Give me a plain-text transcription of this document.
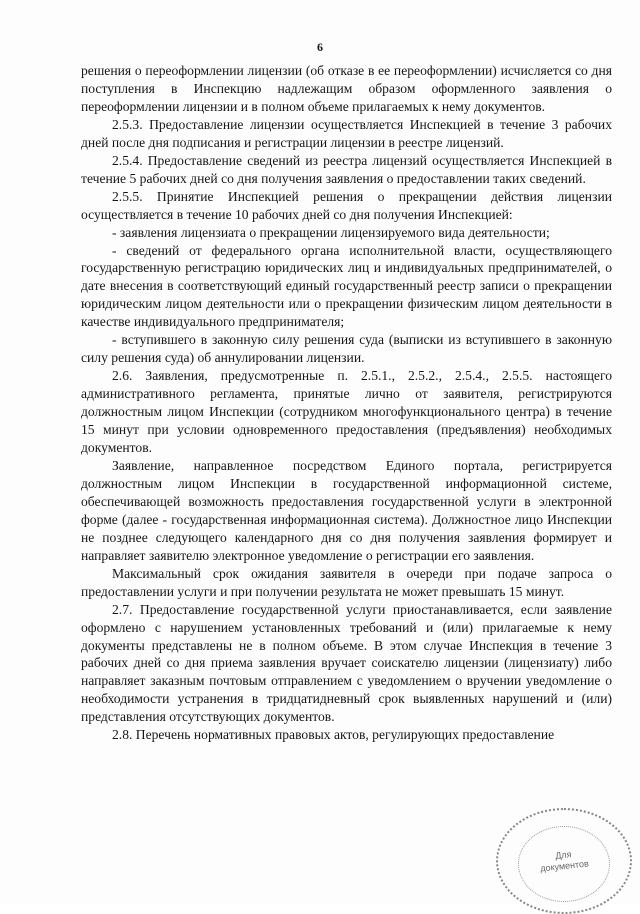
6

решения о переоформлении лицензии (об отказе в ее переоформлении) исчисляется со дня поступления в Инспекцию надлежащим образом оформленного заявления о переоформлении лицензии и в полном объеме прилагаемых к нему документов.

2.5.3. Предоставление лицензии осуществляется Инспекцией в течение 3 рабочих дней после дня подписания и регистрации лицензии в реестре лицензий.

2.5.4. Предоставление сведений из реестра лицензий осуществляется Инспекцией в течение 5 рабочих дней со дня получения заявления о предоставлении таких сведений.

2.5.5. Принятие Инспекцией решения о прекращении действия лицензии осуществляется в течение 10 рабочих дней со дня получения Инспекцией:

- заявления лицензиата о прекращении лицензируемого вида деятельности;

- сведений от федерального органа исполнительной власти, осуществляющего государственную регистрацию юридических лиц и индивидуальных предпринимателей, о дате внесения в соответствующий единый государственный реестр записи о прекращении юридическим лицом деятельности или о прекращении физическим лицом деятельности в качестве индивидуального предпринимателя;

- вступившего в законную силу решения суда (выписки из вступившего в законную силу решения суда) об аннулировании лицензии.

2.6. Заявления, предусмотренные п. 2.5.1., 2.5.2., 2.5.4., 2.5.5. настоящего административного регламента, принятые лично от заявителя, регистрируются должностным лицом Инспекции (сотрудником многофункционального центра) в течение 15 минут при условии одновременного предоставления (предъявления) необходимых документов.

Заявление, направленное посредством Единого портала, регистрируется должностным лицом Инспекции в государственной информационной системе, обеспечивающей возможность предоставления государственной услуги в электронной форме (далее - государственная информационная система). Должностное лицо Инспекции не позднее следующего календарного дня со дня получения заявления формирует и направляет заявителю электронное уведомление о регистрации его заявления.

Максимальный срок ожидания заявителя в очереди при подаче запроса о предоставлении услуги и при получении результата не может превышать 15 минут.

2.7. Предоставление государственной услуги приостанавливается, если заявление оформлено с нарушением установленных требований и (или) прилагаемые к нему документы представлены не в полном объеме. В этом случае Инспекция в течение 3 рабочих дней со дня приема заявления вручает соискателю лицензии (лицензиату) либо направляет заказным почтовым отправлением с уведомлением о вручении уведомление о необходимости устранения в тридцатидневный срок выявленных нарушений и (или) представления отсутствующих документов.

2.8. Перечень нормативных правовых актов, регулирующих предоставление

Для
документов
